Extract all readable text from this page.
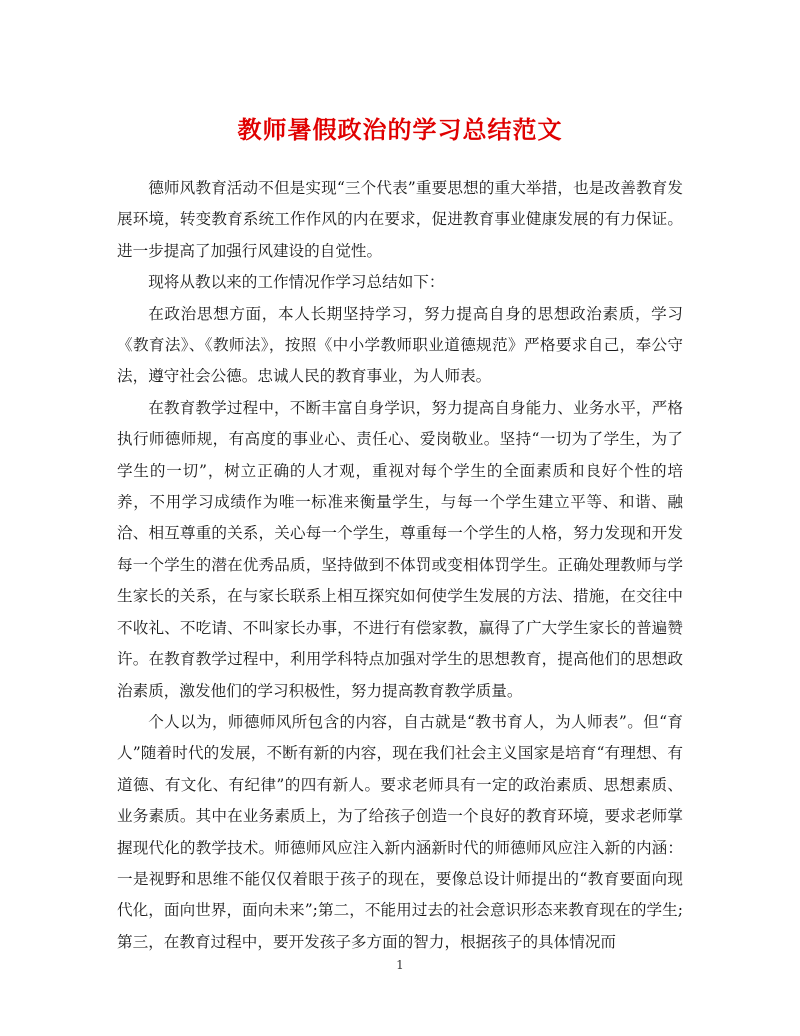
教师暑假政治的学习总结范文

德师风教育活动不但是实现“三个代表”重要思想的重大举措，也是改善教育发展环境，转变教育系统工作作风的内在要求，促进教育事业健康发展的有力保证。进一步提高了加强行风建设的自觉性。

现将从教以来的工作情况作学习总结如下：

在政治思想方面，本人长期坚持学习，努力提高自身的思想政治素质，学习《教育法》、《教师法》，按照《中小学教师职业道德规范》严格要求自己，奉公守法，遵守社会公德。忠诚人民的教育事业，为人师表。

在教育教学过程中，不断丰富自身学识，努力提高自身能力、业务水平，严格执行师德师规，有高度的事业心、责任心、爱岗敬业。坚持“一切为了学生，为了学生的一切”，树立正确的人才观，重视对每个学生的全面素质和良好个性的培养，不用学习成绩作为唯一标准来衡量学生，与每一个学生建立平等、和谐、融洽、相互尊重的关系，关心每一个学生，尊重每一个学生的人格，努力发现和开发每一个学生的潜在优秀品质，坚持做到不体罚或变相体罚学生。正确处理教师与学生家长的关系，在与家长联系上相互探究如何使学生发展的方法、措施，在交往中不收礼、不吃请、不叫家长办事，不进行有偿家教，赢得了广大学生家长的普遍赞许。在教育教学过程中，利用学科特点加强对学生的思想教育，提高他们的思想政治素质，激发他们的学习积极性，努力提高教育教学质量。

个人以为，师德师风所包含的内容，自古就是“教书育人，为人师表”。但“育人”随着时代的发展，不断有新的内容，现在我们社会主义国家是培育“有理想、有道德、有文化、有纪律”的四有新人。要求老师具有一定的政治素质、思想素质、业务素质。其中在业务素质上，为了给孩子创造一个良好的教育环境，要求老师掌握现代化的教学技术。师德师风应注入新内涵新时代的师德师风应注入新的内涵：一是视野和思维不能仅仅着眼于孩子的现在，要像总设计师提出的“教育要面向现代化，面向世界，面向未来”;第二，不能用过去的社会意识形态来教育现在的学生;第三，在教育过程中，要开发孩子多方面的智力，根据孩子的具体情况而

1
